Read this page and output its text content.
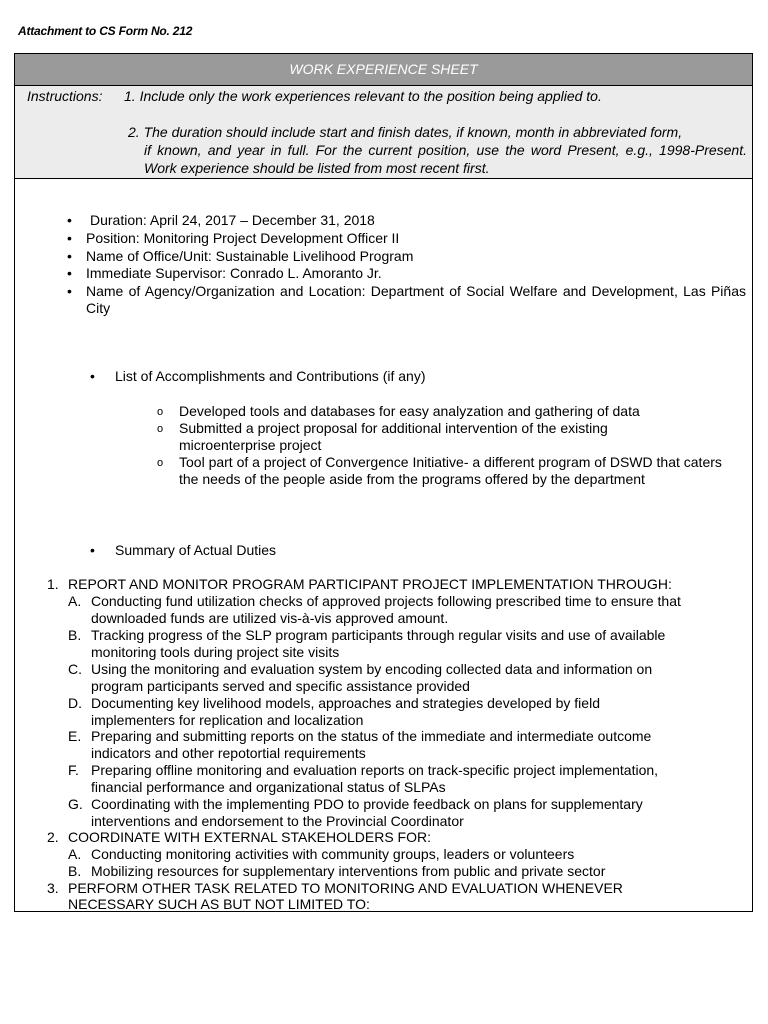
Attachment to CS Form No. 212
WORK EXPERIENCE SHEET
Instructions: 1. Include only the work experiences relevant to the position being applied to.
2. The duration should include start and finish dates, if known, month in abbreviated form,
if known, and year in full. For the current position, use the word Present, e.g., 1998-Present. Work experience should be listed from most recent first.
• Duration: April 24, 2017 – December 31, 2018
• Position: Monitoring Project Development Officer II
• Name of Office/Unit: Sustainable Livelihood Program
• Immediate Supervisor: Conrado L. Amoranto Jr.
• Name of Agency/Organization and Location: Department of Social Welfare and Development, Las Piñas City
• List of Accomplishments and Contributions (if any)
o Developed tools and databases for easy analyzation and gathering of data
o Submitted a project proposal for additional intervention of the existing microenterprise project
o Tool part of a project of Convergence Initiative- a different program of DSWD that caters the needs of the people aside from the programs offered by the department
• Summary of Actual Duties
1. REPORT AND MONITOR PROGRAM PARTICIPANT PROJECT IMPLEMENTATION THROUGH:
A. Conducting fund utilization checks of approved projects following prescribed time to ensure that
downloaded funds are utilized vis-à-vis approved amount.
B. Tracking progress of the SLP program participants through regular visits and use of available
monitoring tools during project site visits
C. Using the monitoring and evaluation system by encoding collected data and information on
program participants served and specific assistance provided
D. Documenting key livelihood models, approaches and strategies developed by field
implementers for replication and localization
E. Preparing and submitting reports on the status of the immediate and intermediate outcome
indicators and other repotortial requirements
F. Preparing offline monitoring and evaluation reports on track-specific project implementation,
financial performance and organizational status of SLPAs
G. Coordinating with the implementing PDO to provide feedback on plans for supplementary
interventions and endorsement to the Provincial Coordinator
2. COORDINATE WITH EXTERNAL STAKEHOLDERS FOR:
A. Conducting monitoring activities with community groups, leaders or volunteers
B. Mobilizing resources for supplementary interventions from public and private sector
3. PERFORM OTHER TASK RELATED TO MONITORING AND EVALUATION WHENEVER
NECESSARY SUCH AS BUT NOT LIMITED TO:
